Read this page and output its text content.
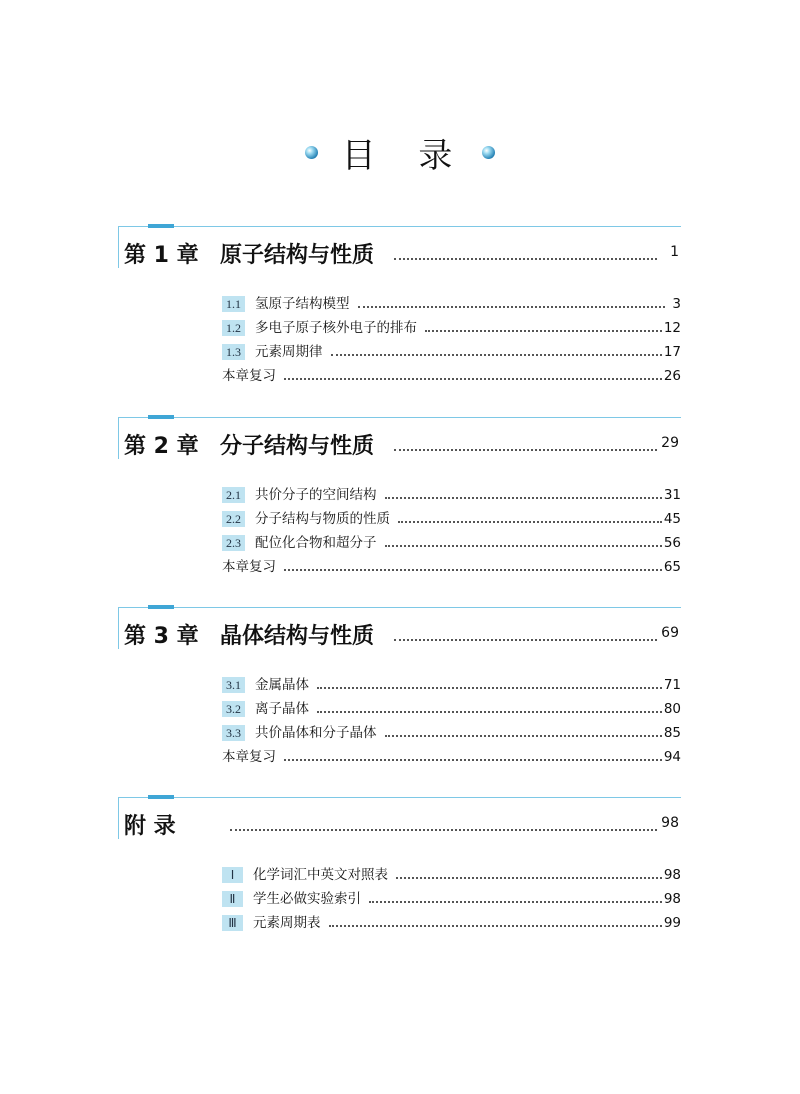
目 录
第 1 章 原子结构与性质	1
1.1 氢原子结构模型	3
1.2 多电子原子核外电子的排布	12
1.3 元素周期律	17
本章复习	26
第 2 章 分子结构与性质	29
2.1 共价分子的空间结构	31
2.2 分子结构与物质的性质	45
2.3 配位化合物和超分子	56
本章复习	65
第 3 章 晶体结构与性质	69
3.1 金属晶体	71
3.2 离子晶体	80
3.3 共价晶体和分子晶体	85
本章复习	94
附 录	98
Ⅰ	化学词汇中英文对照表	98
Ⅱ	学生必做实验索引	98
Ⅲ	元素周期表	99
